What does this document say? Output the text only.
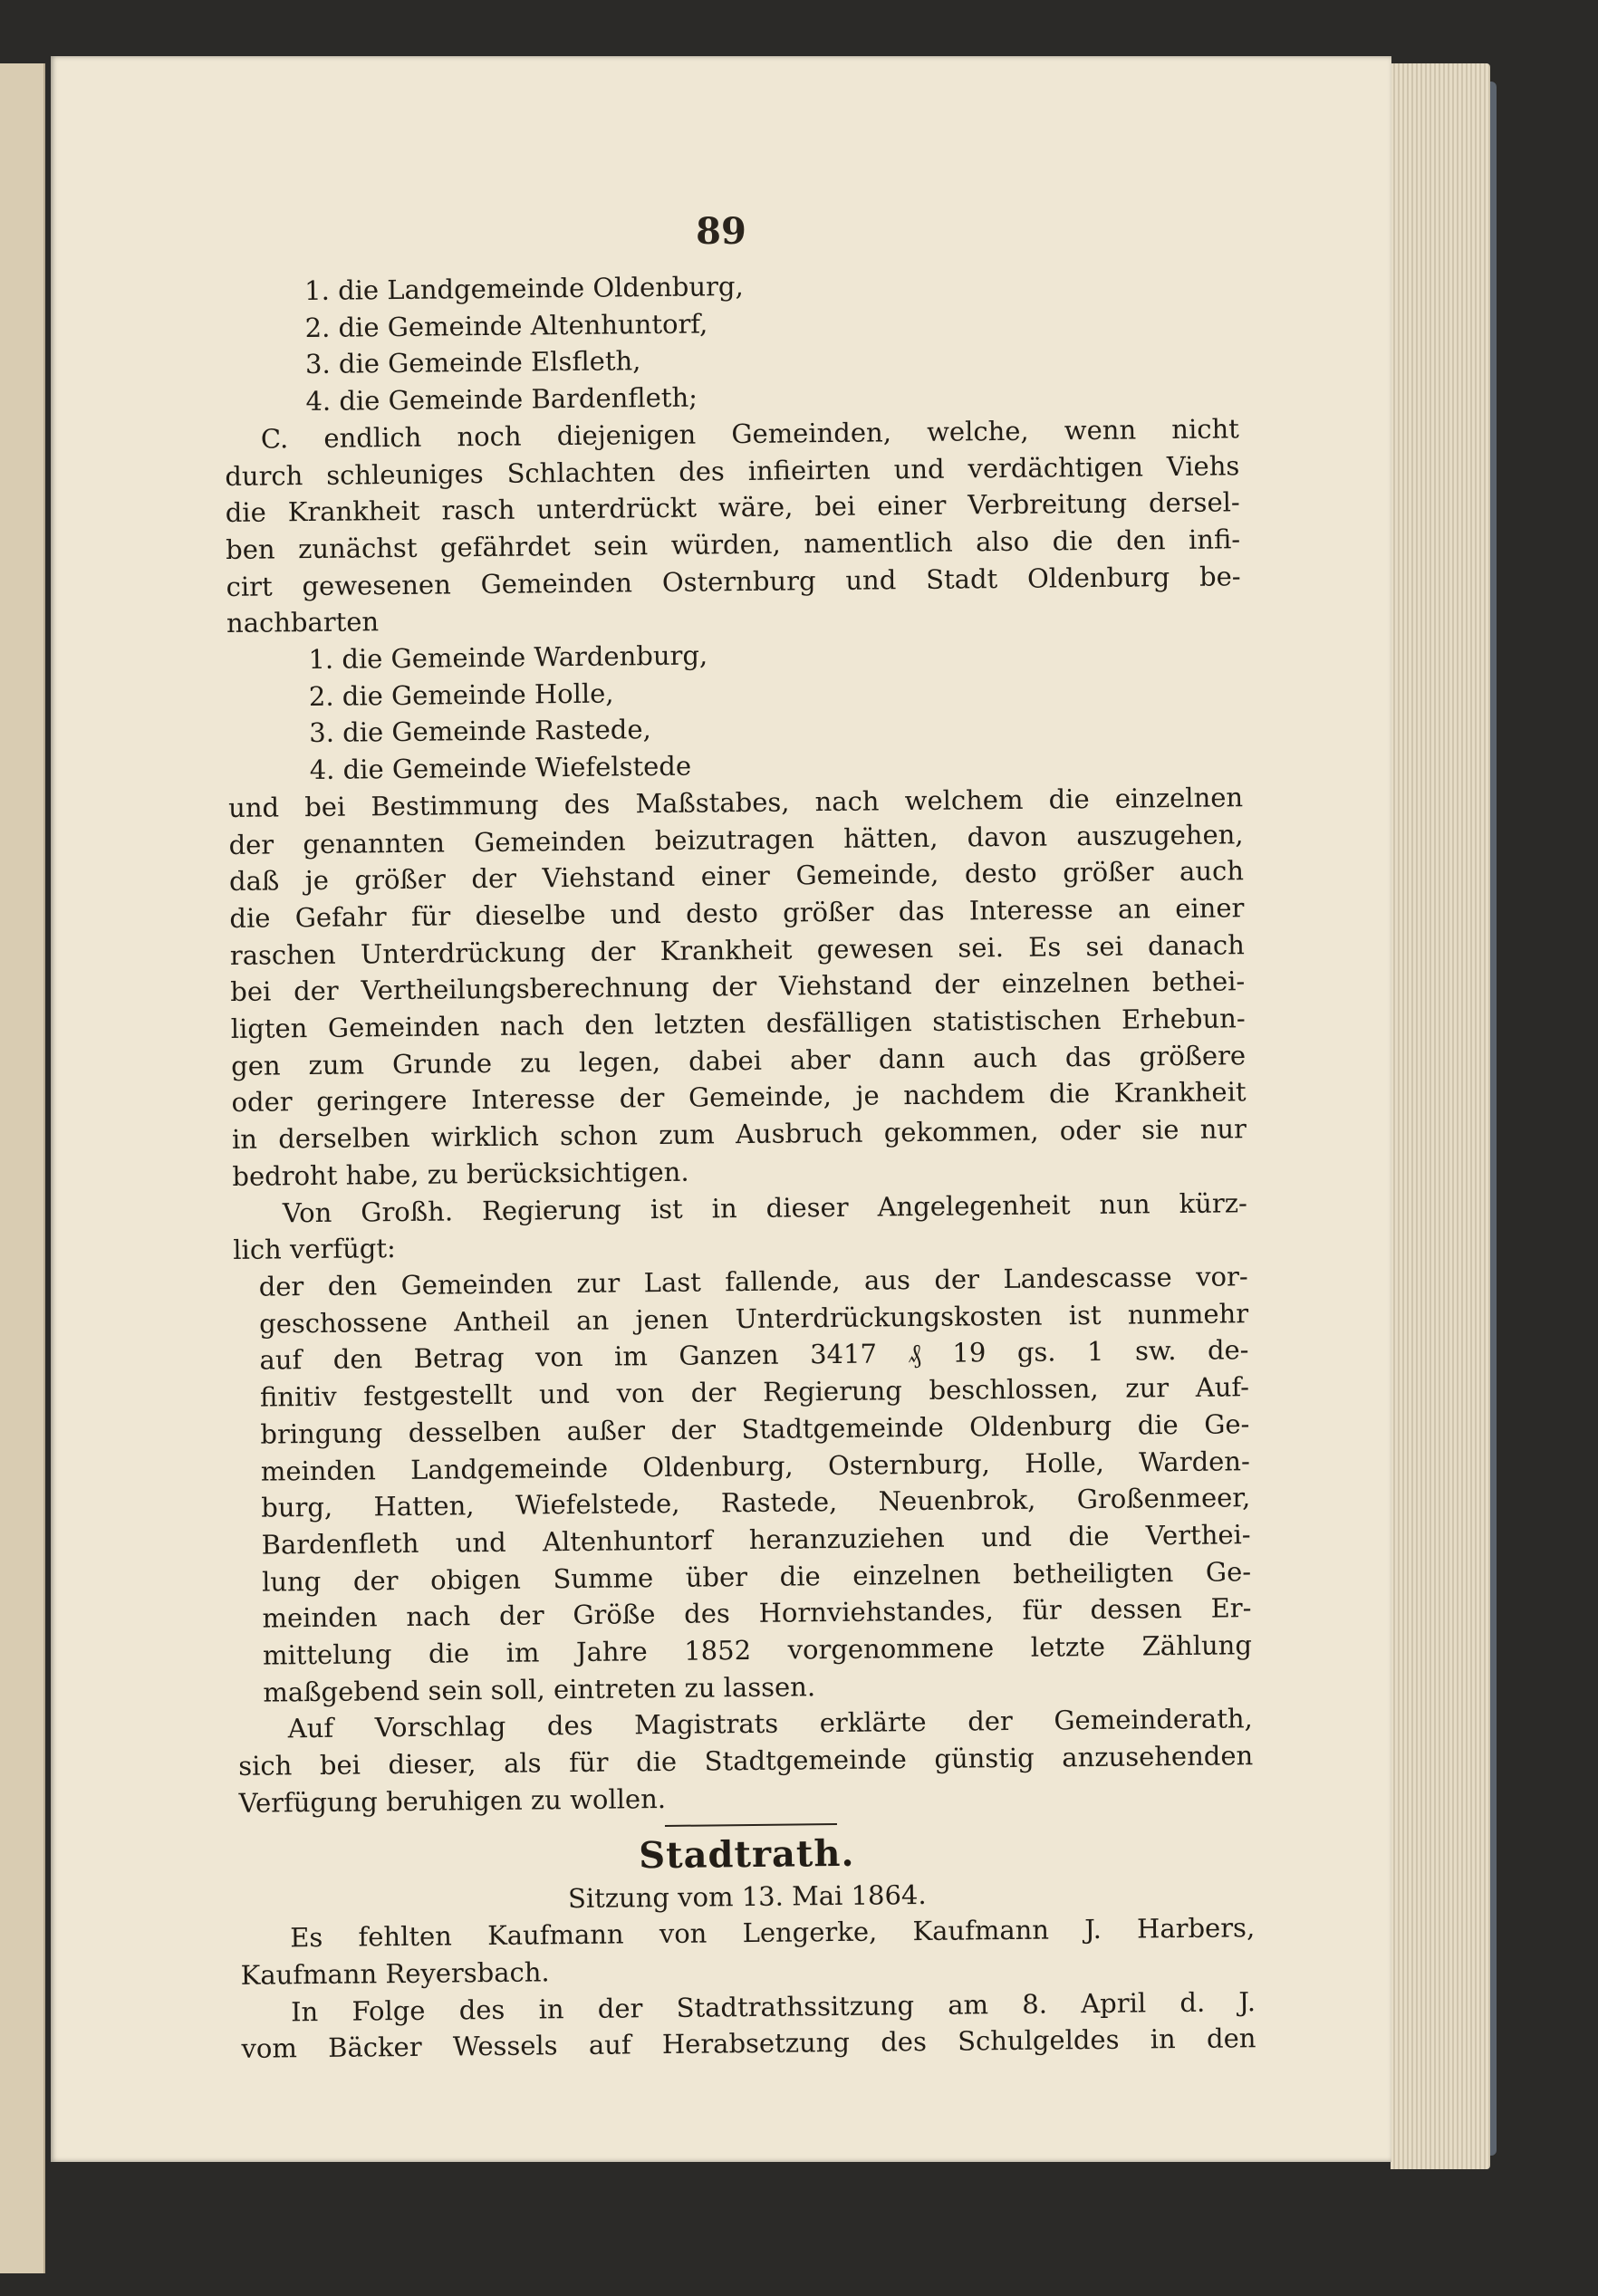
89
1. die Landgemeinde Oldenburg,
2. die Gemeinde Altenhuntorf,
3. die Gemeinde Elsfleth,
4. die Gemeinde Bardenfleth;
C. endlich noch diejenigen Gemeinden, welche, wenn nicht
durch schleuniges Schlachten des infieirten und verdächtigen Viehs
die Krankheit rasch unterdrückt wäre, bei einer Verbreitung dersel-
ben zunächst gefährdet sein würden, namentlich also die den infi-
cirt gewesenen Gemeinden Osternburg und Stadt Oldenburg be-
nachbarten
1. die Gemeinde Wardenburg,
2. die Gemeinde Holle,
3. die Gemeinde Rastede,
4. die Gemeinde Wiefelstede
und bei Bestimmung des Maßstabes, nach welchem die einzelnen
der genannten Gemeinden beizutragen hätten, davon auszugehen,
daß je größer der Viehstand einer Gemeinde, desto größer auch
die Gefahr für dieselbe und desto größer das Interesse an einer
raschen Unterdrückung der Krankheit gewesen sei. Es sei danach
bei der Vertheilungsberechnung der Viehstand der einzelnen bethei-
ligten Gemeinden nach den letzten desfälligen statistischen Erhebun-
gen zum Grunde zu legen, dabei aber dann auch das größere
oder geringere Interesse der Gemeinde, je nachdem die Krankheit
in derselben wirklich schon zum Ausbruch gekommen, oder sie nur
bedroht habe, zu berücksichtigen.
Von Großh. Regierung ist in dieser Angelegenheit nun kürz-
lich verfügt:
der den Gemeinden zur Last fallende, aus der Landescasse vor-
geschossene Antheil an jenen Unterdrückungskosten ist nunmehr
auf den Betrag von im Ganzen 3417 ₰ 19 gs. 1 sw. de-
finitiv festgestellt und von der Regierung beschlossen, zur Auf-
bringung desselben außer der Stadtgemeinde Oldenburg die Ge-
meinden Landgemeinde Oldenburg, Osternburg, Holle, Warden-
burg, Hatten, Wiefelstede, Rastede, Neuenbrok, Großenmeer,
Bardenfleth und Altenhuntorf heranzuziehen und die Verthei-
lung der obigen Summe über die einzelnen betheiligten Ge-
meinden nach der Größe des Hornviehstandes, für dessen Er-
mittelung die im Jahre 1852 vorgenommene letzte Zählung
maßgebend sein soll, eintreten zu lassen.
Auf Vorschlag des Magistrats erklärte der Gemeinderath,
sich bei dieser, als für die Stadtgemeinde günstig anzusehenden
Verfügung beruhigen zu wollen.
Stadtrath.
Sitzung vom 13. Mai 1864.
Es fehlten Kaufmann von Lengerke, Kaufmann J. Harbers,
Kaufmann Reyersbach.
In Folge des in der Stadtrathssitzung am 8. April d. J.
vom Bäcker Wessels auf Herabsetzung des Schulgeldes in den
